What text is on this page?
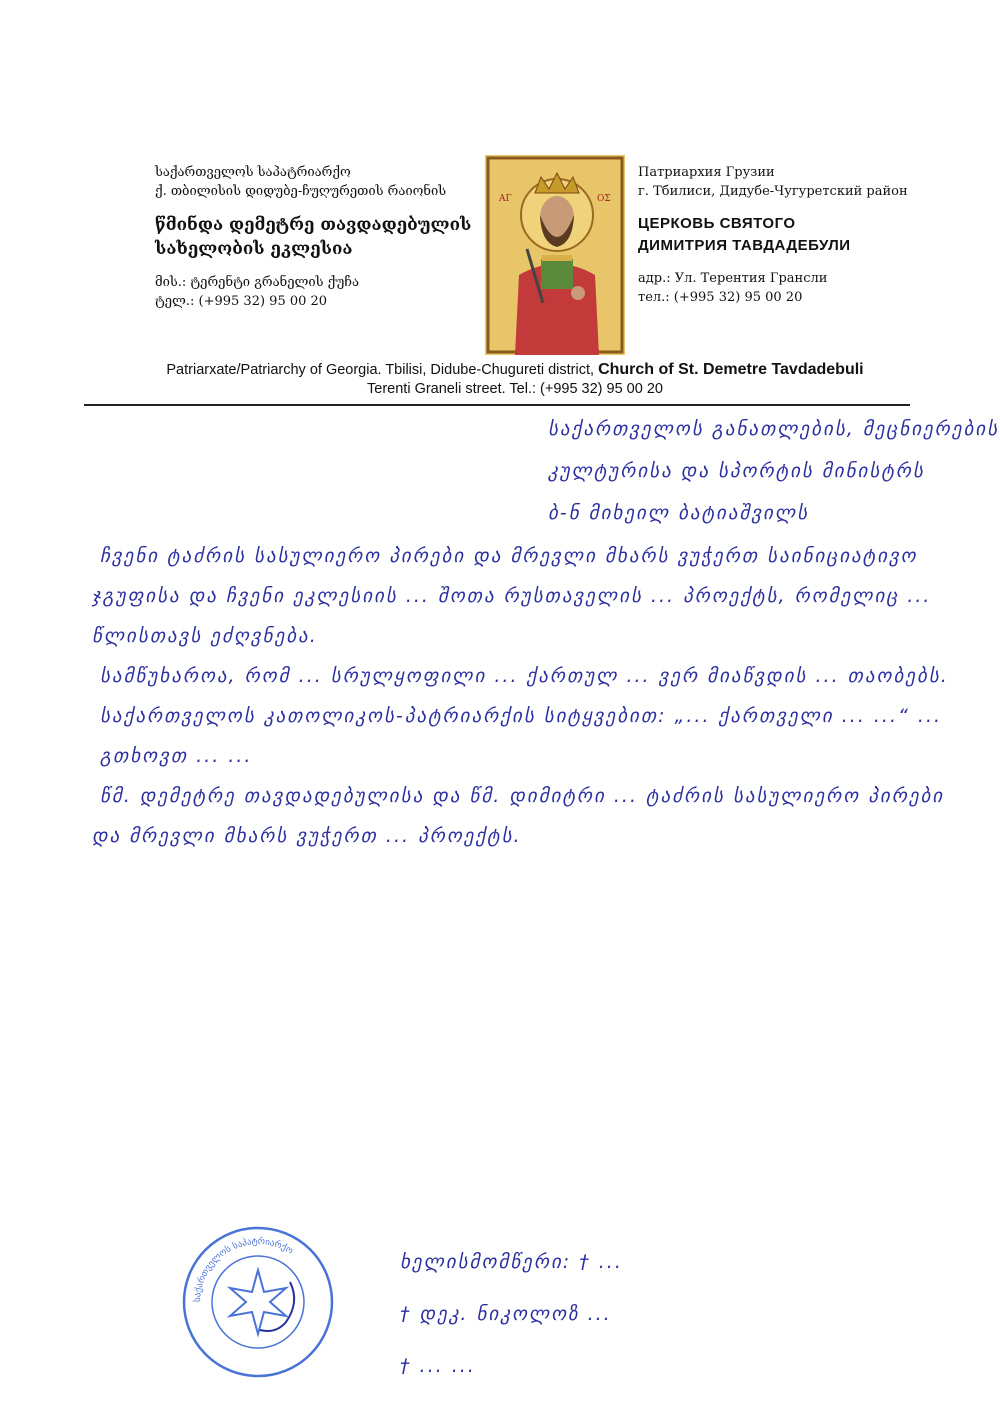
საქართველოს საპატრიარქო
ქ. თბილისის დიდუბე-ჩუღურეთის რაიონის
წმინდა დემეტრე თავდადებულის
სახელობის ეკლესია
მის.: ტერენტი გრანელის ქუჩა
ტელ.: (+995 32) 95 00 20
ΑΓ	ΟΣ
Патриархия Грузии
г. Тбилиси, Дидубе-Чугуретский район
ЦЕРКОВЬ СВЯТОГО
ДИМИТРИЯ ТАВДАДЕБУЛИ
адр.: Ул. Терентия Грансли
тел.: (+995 32) 95 00 20
Patriarxate/Patriarchy of Georgia. Tbilisi, Didube-Chugureti district, Church of St. Demetre Tavdadebuli
Terenti Graneli street. Tel.: (+995 32) 95 00 20
საქართველოს განათლების, მეცნიერების
კულტურისა და სპორტის მინისტრს
ბ-ნ მიხეილ ბატიაშვილს

ჩვენი ტაძრის სასულიერო პირები და მრევლი მხარს ვუჭერთ საინიციატივო ჯგუფისა და ჩვენი ეკლესიის ... შოთა რუსთაველის ... პროექტს, რომელიც ... წლისთავს ეძღვნება.

სამწუხაროა, რომ ... სრულყოფილი ... ქართულ ... ვერ მიაწვდის ... თაობებს.

საქართველოს კათოლიკოს-პატრიარქის სიტყვებით: „... ქართველი ... ...“ ...

გთხოვთ ... ...

წმ. დემეტრე თავდადებულისა და წმ. დიმიტრი ... ტაძრის სასულიერო პირები და მრევლი მხარს ვუჭერთ ... პროექტს.

საქართველოს საპატრიარქო
ხელისმომწერი: † ...
† დეკ. ნიკოლოზ ...
† ... ...
